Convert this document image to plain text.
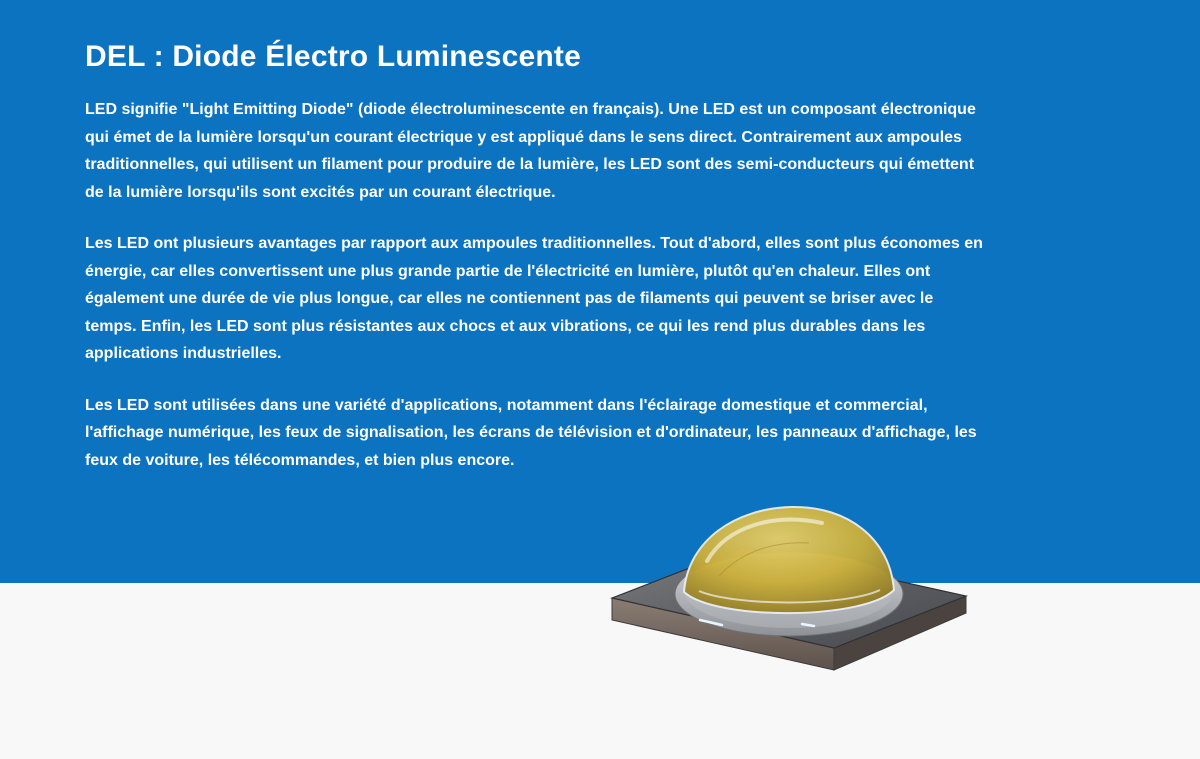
DEL : Diode Électro Luminescente

LED signifie "Light Emitting Diode" (diode électroluminescente en français). Une LED est un composant électronique qui émet de la lumière lorsqu'un courant électrique y est appliqué dans le sens direct. Contrairement aux ampoules traditionnelles, qui utilisent un filament pour produire de la lumière, les LED sont des semi-conducteurs qui émettent de la lumière lorsqu'ils sont excités par un courant électrique.

Les LED ont plusieurs avantages par rapport aux ampoules traditionnelles. Tout d'abord, elles sont plus économes en énergie, car elles convertissent une plus grande partie de l'électricité en lumière, plutôt qu'en chaleur. Elles ont également une durée de vie plus longue, car elles ne contiennent pas de filaments qui peuvent se briser avec le temps. Enfin, les LED sont plus résistantes aux chocs et aux vibrations, ce qui les rend plus durables dans les applications industrielles.

Les LED sont utilisées dans une variété d'applications, notamment dans l'éclairage domestique et commercial, l'affichage numérique, les feux de signalisation, les écrans de télévision et d'ordinateur, les panneaux d'affichage, les feux de voiture, les télécommandes, et bien plus encore.
